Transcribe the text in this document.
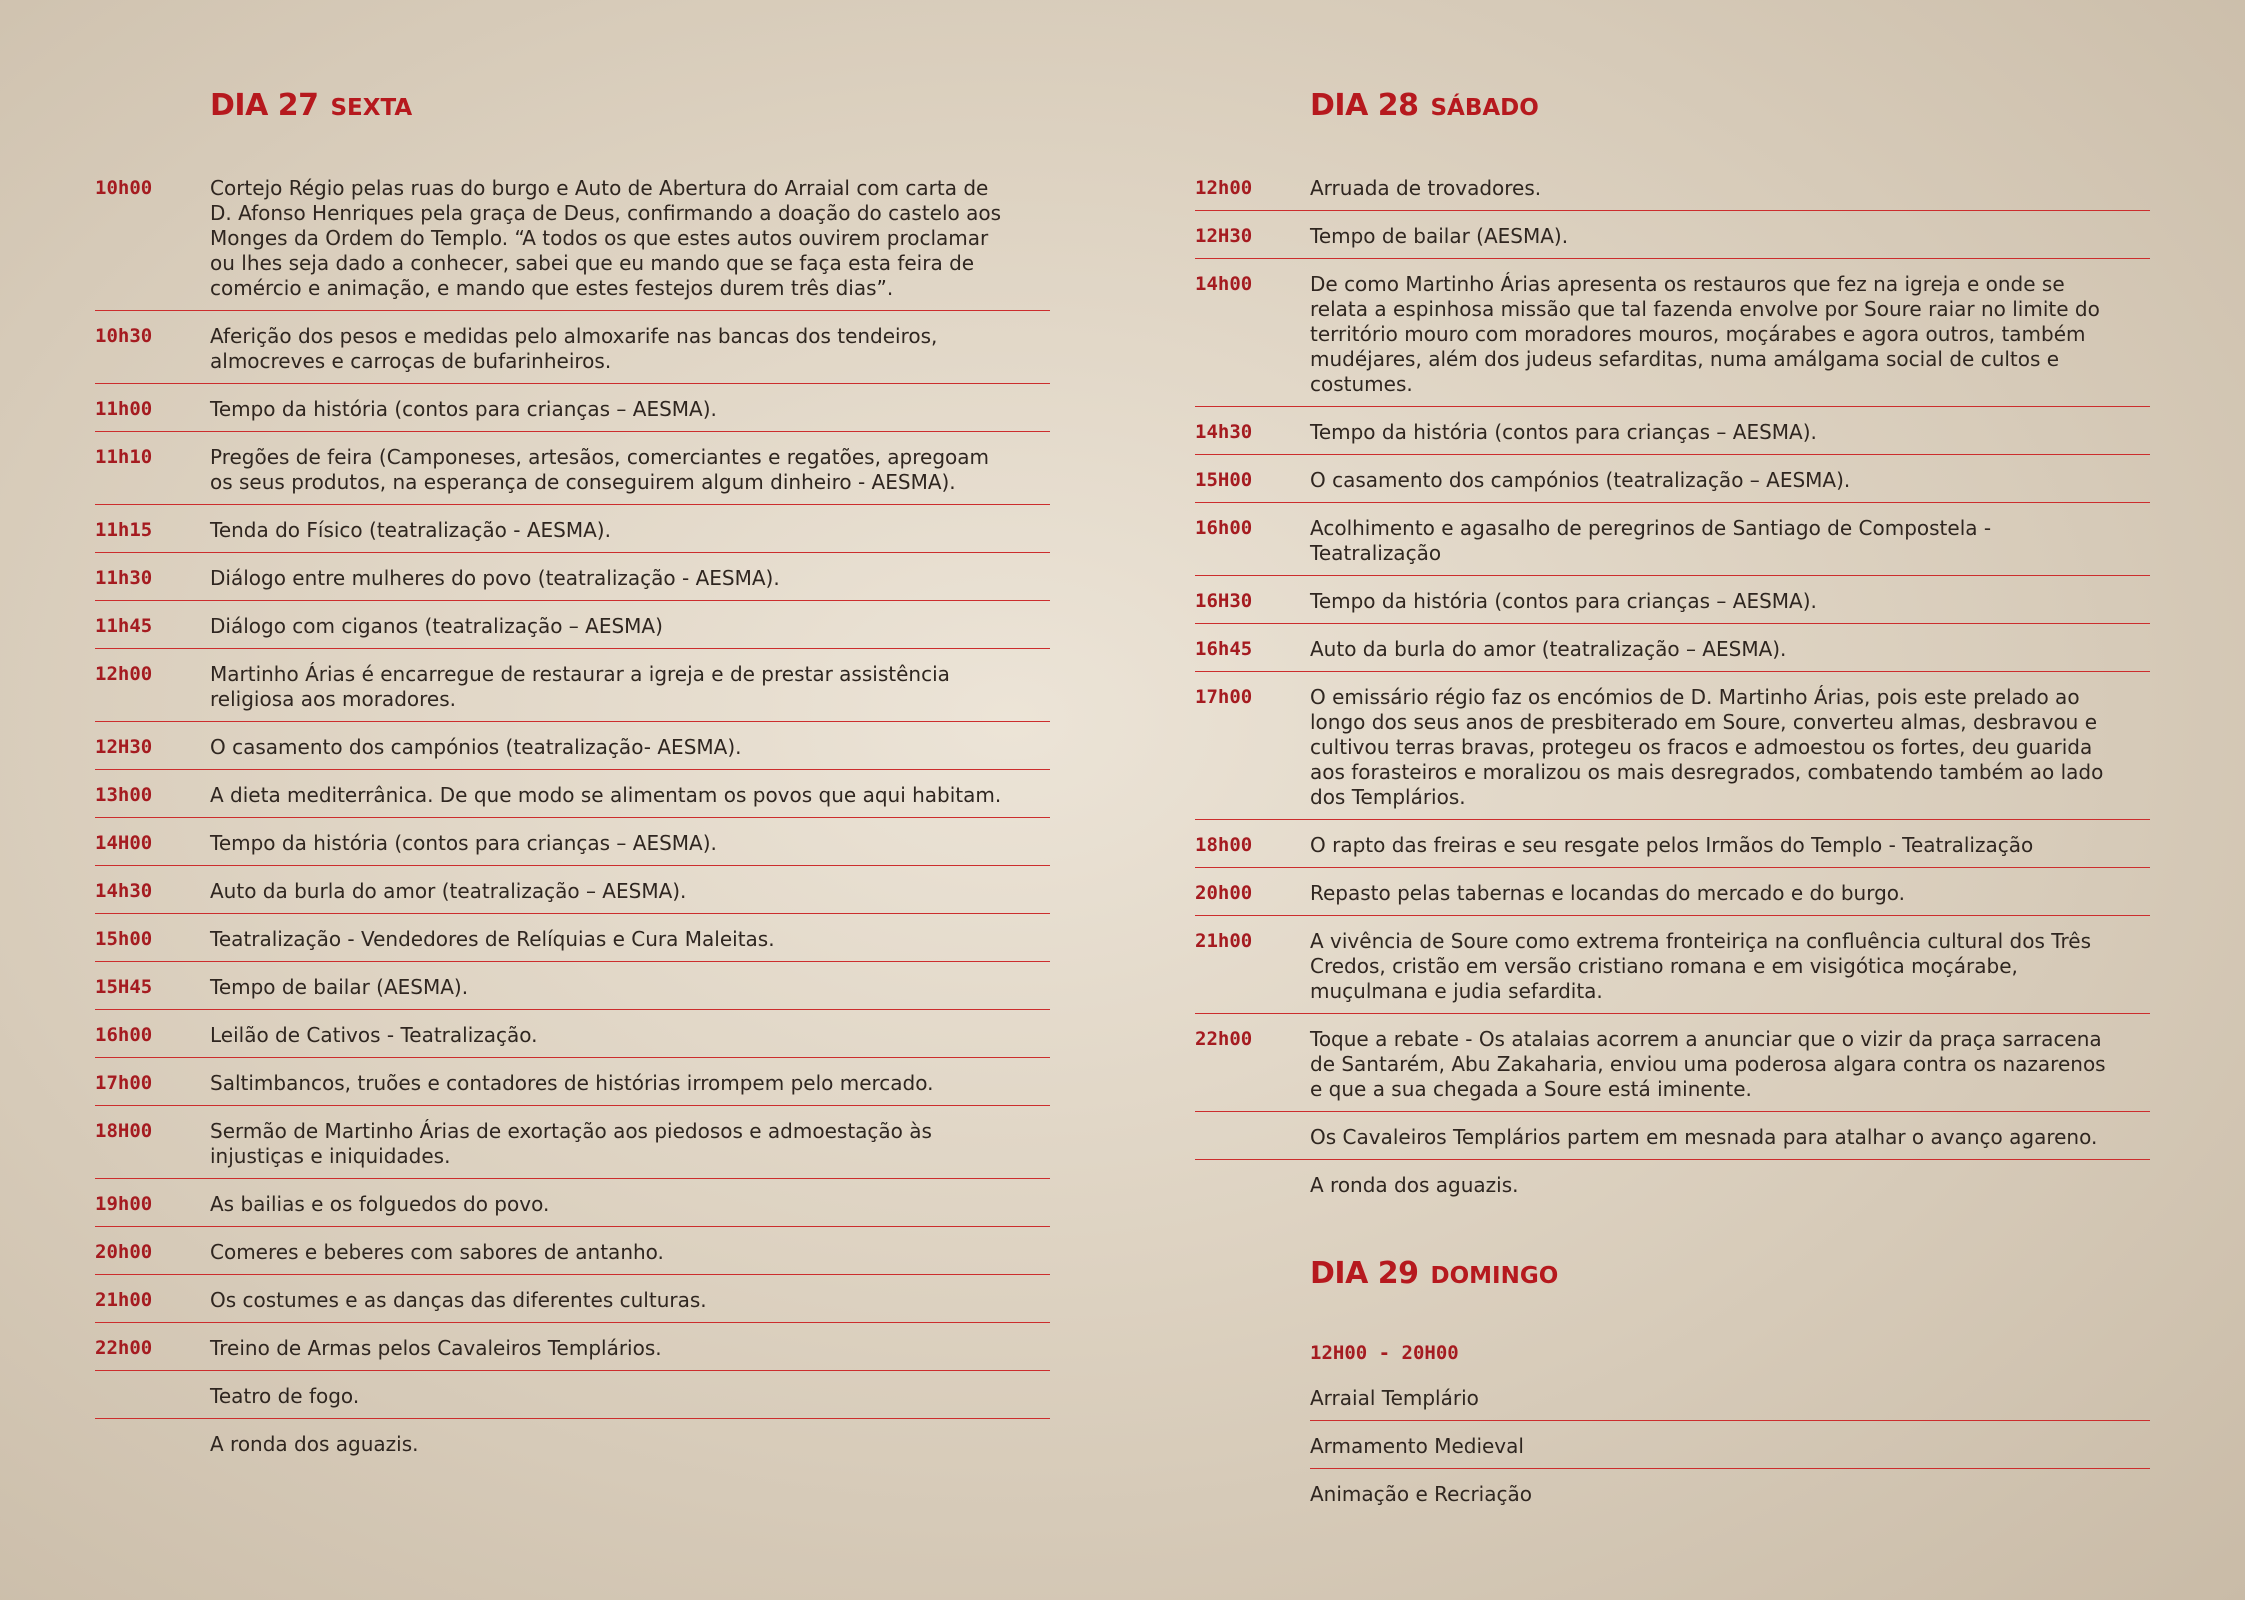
DIA 27 SEXTA
10h00	Cortejo Régio pelas ruas do burgo e Auto de Abertura do Arraial com carta de D. Afonso Henriques pela graça de Deus, confirmando a doação do castelo aos Monges da Ordem do Templo. “A todos os que estes autos ouvirem proclamar ou lhes seja dado a conhecer, sabei que eu mando que se faça esta feira de comércio e animação, e mando que estes festejos durem três dias”.
10h30	Aferição dos pesos e medidas pelo almoxarife nas bancas dos tendeiros, almocreves e carroças de bufarinheiros.
11h00	Tempo da história (contos para crianças – AESMA).
11h10	Pregões de feira (Camponeses, artesãos, comerciantes e regatões, apregoam os seus produtos, na esperança de conseguirem algum dinheiro - AESMA).
11h15	Tenda do Físico (teatralização - AESMA).
11h30	Diálogo entre mulheres do povo (teatralização - AESMA).
11h45	Diálogo com ciganos (teatralização – AESMA)
12h00	Martinho Árias é encarregue de restaurar a igreja e de prestar assistência religiosa aos moradores.
12H30	O casamento dos campónios (teatralização- AESMA).
13h00	A dieta mediterrânica. De que modo se alimentam os povos que aqui habitam.
14H00	Tempo da história (contos para crianças – AESMA).
14h30	Auto da burla do amor (teatralização – AESMA).
15h00	Teatralização - Vendedores de Relíquias e Cura Maleitas.
15H45	Tempo de bailar (AESMA).
16h00	Leilão de Cativos - Teatralização.
17h00	Saltimbancos, truões e contadores de histórias irrompem pelo mercado.
18H00	Sermão de Martinho Árias de exortação aos piedosos e admoestação às injustiças e iniquidades.
19h00	As bailias e os folguedos do povo.
20h00	Comeres e beberes com sabores de antanho.
21h00	Os costumes e as danças das diferentes culturas.
22h00	Treino de Armas pelos Cavaleiros Templários.
Teatro de fogo.
A ronda dos aguazis.
DIA 28 SÁBADO
12h00	Arruada de trovadores.
12H30	Tempo de bailar (AESMA).
14h00	De como Martinho Árias apresenta os restauros que fez na igreja e onde se relata a espinhosa missão que tal fazenda envolve por Soure raiar no limite do território mouro com moradores mouros, moçárabes e agora outros, também mudéjares, além dos judeus sefarditas, numa amálgama social de cultos e costumes.
14h30	Tempo da história (contos para crianças – AESMA).
15H00	O casamento dos campónios (teatralização – AESMA).
16h00	Acolhimento e agasalho de peregrinos de Santiago de Compostela - Teatralização
16H30	Tempo da história (contos para crianças – AESMA).
16h45	Auto da burla do amor (teatralização – AESMA).
17h00	O emissário régio faz os encómios de D. Martinho Árias, pois este prelado ao longo dos seus anos de presbiterado em Soure, converteu almas, desbravou e cultivou terras bravas, protegeu os fracos e admoestou os fortes, deu guarida aos forasteiros e moralizou os mais desregrados, combatendo também ao lado dos Templários.
18h00	O rapto das freiras e seu resgate pelos Irmãos do Templo - Teatralização
20h00	Repasto pelas tabernas e locandas do mercado e do burgo.
21h00	A vivência de Soure como extrema fronteiriça na confluência cultural dos Três Credos, cristão em versão cristiano romana e em visigótica moçárabe, muçulmana e judia sefardita.
22h00	Toque a rebate - Os atalaias acorrem a anunciar que o vizir da praça sarracena de Santarém, Abu Zakaharia, enviou uma poderosa algara contra os nazarenos e que a sua chegada a Soure está iminente.
Os Cavaleiros Templários partem em mesnada para atalhar o avanço agareno.
A ronda dos aguazis.
DIA 29 DOMINGO
12H00 - 20H00
Arraial Templário
Armamento Medieval
Animação e Recriação
